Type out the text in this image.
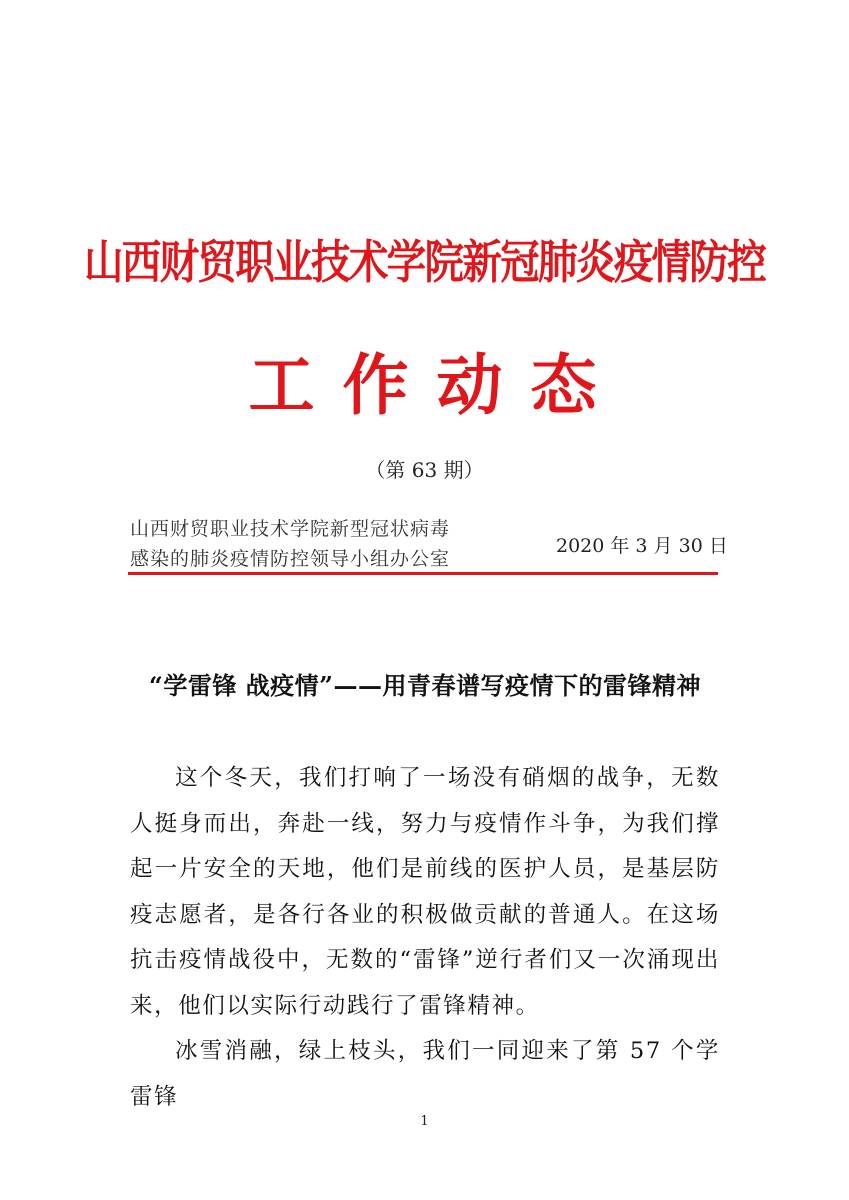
山西财贸职业技术学院新冠肺炎疫情防控
工作动态
（第 63 期）
山西财贸职业技术学院新型冠状病毒
感染的肺炎疫情防控领导小组办公室
2020 年 3 月 30 日
“学雷锋 战疫情”——用青春谱写疫情下的雷锋精神

这个冬天，我们打响了一场没有硝烟的战争，无数人挺身而出，奔赴一线，努力与疫情作斗争，为我们撑起一片安全的天地，他们是前线的医护人员，是基层防疫志愿者，是各行各业的积极做贡献的普通人。在这场抗击疫情战役中，无数的“雷锋”逆行者们又一次涌现出来，他们以实际行动践行了雷锋精神。

冰雪消融，绿上枝头，我们一同迎来了第 57 个学雷锋

1
